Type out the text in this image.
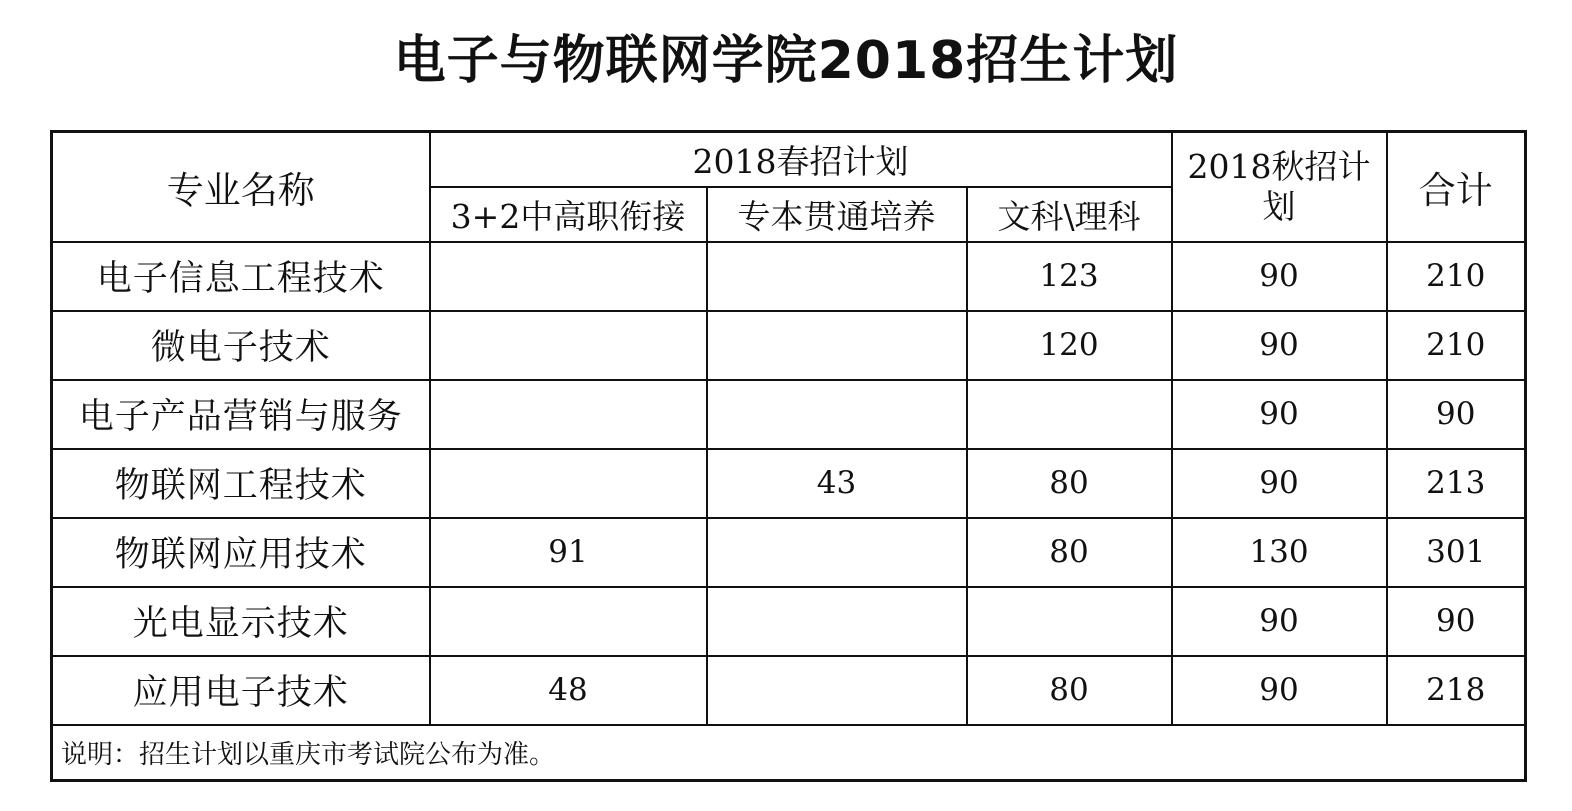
电子与物联网学院2018招生计划
专业名称	2018春招计划			2018秋招计划	合计
	3+2中高职衔接	专本贯通培养	文科\理科		
电子信息工程技术			123	90	210
微电子技术			120	90	210
电子产品营销与服务				90	90
物联网工程技术		43	80	90	213
物联网应用技术	91		80	130	301
光电显示技术				90	90
应用电子技术	48		80	90	218
说明：招生计划以重庆市考试院公布为准。					
